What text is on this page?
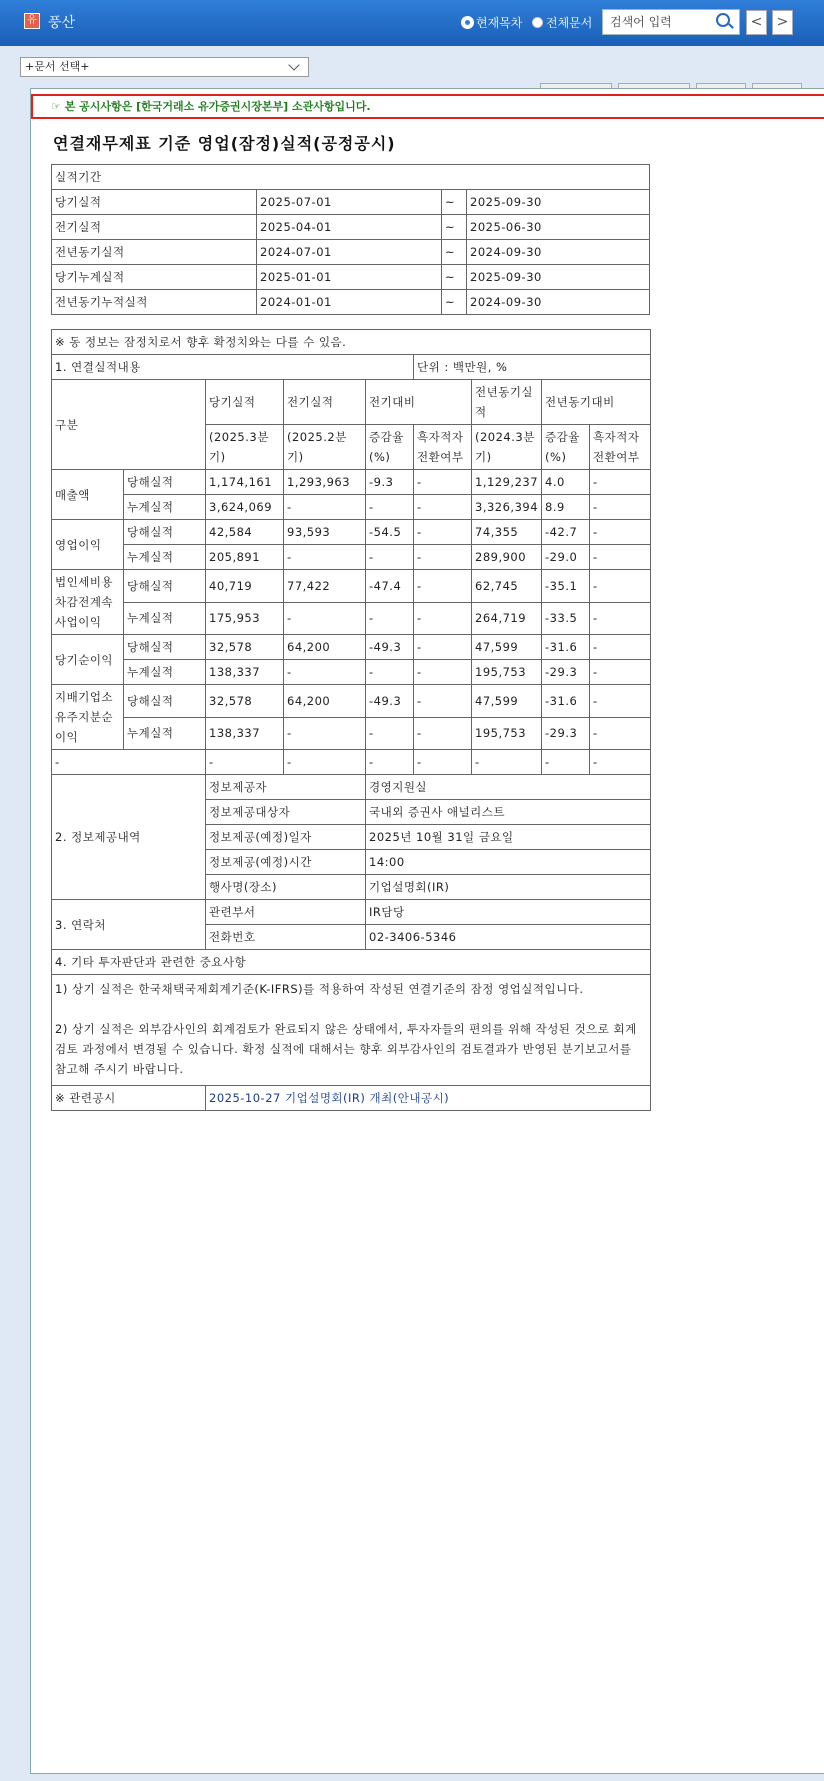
유 풍산	현재목차 전체문서	검색어 입력	<	>
+문서 선택+
☞ 본 공시사항은 [한국거래소 유가증권시장본부] 소관사항입니다.
연결재무제표 기준 영업(잠정)실적(공정공시)
실적기간			
당기실적	2025-07-01	~	2025-09-30
전기실적	2025-04-01	~	2025-06-30
전년동기실적	2024-07-01	~	2024-09-30
당기누계실적	2025-01-01	~	2025-09-30
전년동기누적실적	2024-01-01	~	2024-09-30
※ 동 정보는 잠정치로서 향후 확정치와는 다를 수 있음.								
1. 연결실적내용					단위 : 백만원, %			
구분		당기실적	전기실적	전기대비		전년동기실적	전년동기대비	
		(2025.3분기)	(2025.2분기)	증감율(%)	흑자적자전환여부	(2024.3분기)	증감율(%)	흑자적자전환여부
매출액	당해실적	1,174,161	1,293,963	-9.3	-	1,129,237	4.0	-
	누계실적	3,624,069	-	-	-	3,326,394	8.9	-
영업이익	당해실적	42,584	93,593	-54.5	-	74,355	-42.7	-
	누계실적	205,891	-	-	-	289,900	-29.0	-
법인세비용차감전계속사업이익	당해실적	40,719	77,422	-47.4	-	62,745	-35.1	-
	누계실적	175,953	-	-	-	264,719	-33.5	-
당기순이익	당해실적	32,578	64,200	-49.3	-	47,599	-31.6	-
	누계실적	138,337	-	-	-	195,753	-29.3	-
지배기업소유주지분순이익	당해실적	32,578	64,200	-49.3	-	47,599	-31.6	-
	누계실적	138,337	-	-	-	195,753	-29.3	-
-		-	-	-	-	-	-	-
2. 정보제공내역		정보제공자		경영지원실				
		정보제공대상자		국내외 증권사 애널리스트				
		정보제공(예정)일자		2025년 10월 31일 금요일				
		정보제공(예정)시간		14:00				
		행사명(장소)		기업설명회(IR)				
3. 연락처		관련부서		IR담당				
		전화번호		02-3406-5346				
4. 기타 투자판단과 관련한 중요사항								

1) 상기 실적은 한국채택국제회계기준(K-IFRS)를 적용하여 작성된 연결기준의 잠정 영업실적입니다.
2) 상기 실적은 외부감사인의 회계검토가 완료되지 않은 상태에서, 투자자들의 편의를 위해 작성된 것으로 회계검토 과정에서 변경될 수 있습니다. 확정 실적에 대해서는 향후 외부감사인의 검토결과가 반영된 분기보고서를 참고해 주시기 바랍니다.								

※ 관련공시		2025-10-27 기업설명회(IR) 개최(안내공시)						
